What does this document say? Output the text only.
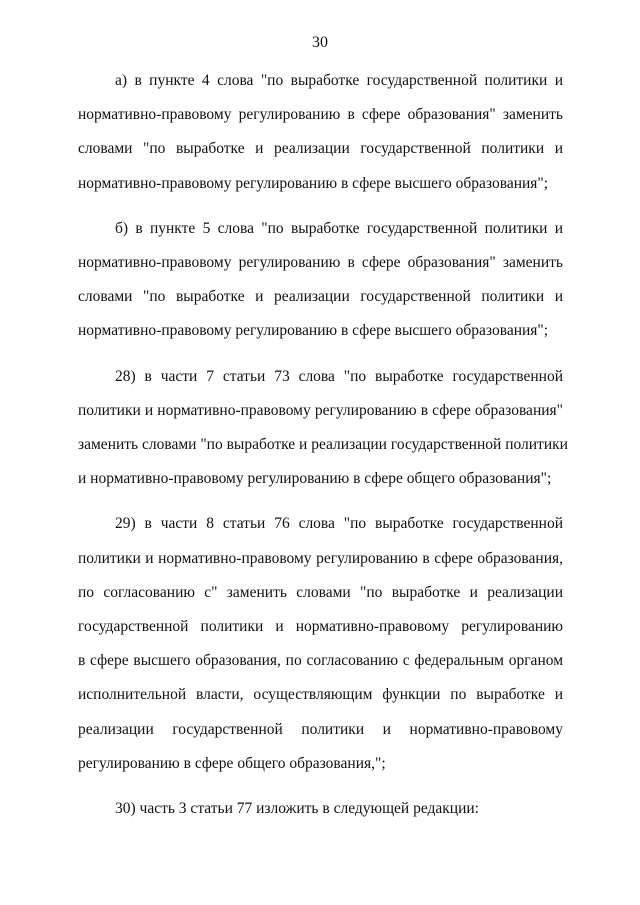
30

а) в пункте 4 слова "по выработке государственной политики и
нормативно-правовому регулированию в сфере образования" заменить
словами "по выработке и реализации государственной политики и
нормативно-правовому регулированию в сфере высшего образования";

б) в пункте 5 слова "по выработке государственной политики и
нормативно-правовому регулированию в сфере образования" заменить
словами "по выработке и реализации государственной политики и
нормативно-правовому регулированию в сфере высшего образования";

28) в части 7 статьи 73 слова "по выработке государственной
политики и нормативно-правовому регулированию в сфере образования"
заменить словами "по выработке и реализации государственной политики
и нормативно-правовому регулированию в сфере общего образования";

29) в части 8 статьи 76 слова "по выработке государственной
политики и нормативно-правовому регулированию в сфере образования,
по согласованию с" заменить словами "по выработке и реализации
государственной политики и нормативно-правовому регулированию
в сфере высшего образования, по согласованию с федеральным органом
исполнительной власти, осуществляющим функции по выработке и
реализации государственной политики и нормативно-правовому
регулированию в сфере общего образования,";

30) часть 3 статьи 77 изложить в следующей редакции:
